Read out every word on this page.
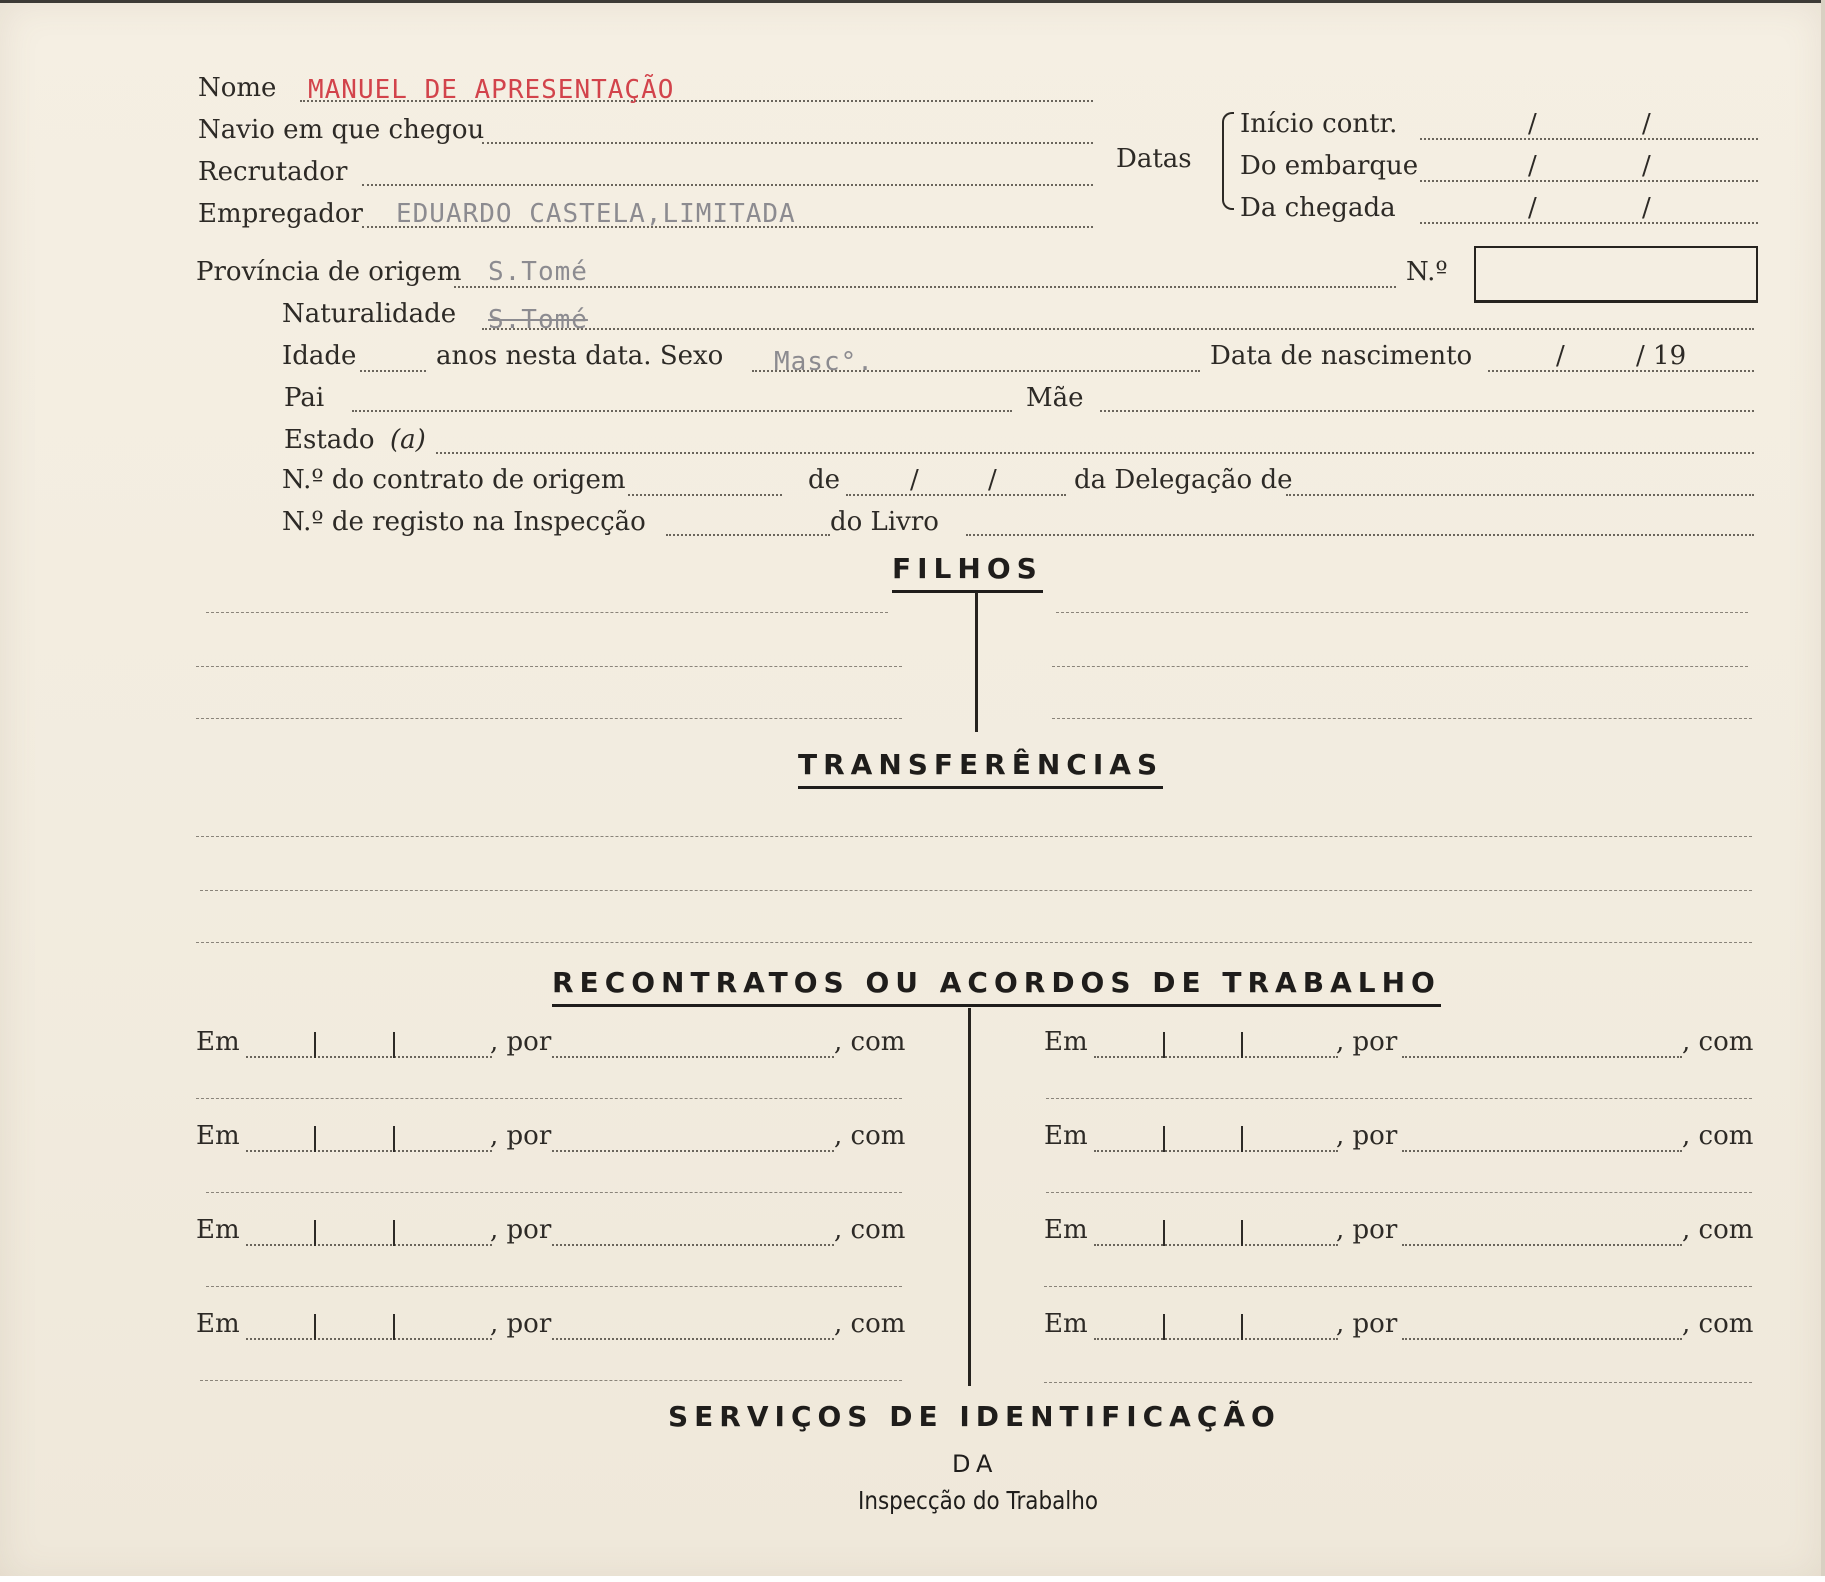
Nome MANUEL DE APRESENTAÇÃO
Navio em que chegou
Recrutador
Empregador EDUARDO CASTELA,LIMITADA
Datas
Início contr.	/	/
Do embarque	/	/
Da chegada	/	/
Província de origem S.Tomé	N.º
Naturalidade S.Tomé
Idade	anos nesta data. Sexo Masc°.	Data de nascimento	/	/ 19
Pai	Mãe
Estado (a)
N.º do contrato de origem	de	/	/	da Delegação de
N.º de registo na Inspecção	do Livro
FILHOS
TRANSFERÊNCIAS
RECONTRATOS OU ACORDOS DE TRABALHO
Em	, por	, com
Em	, por	, com
Em	, por	, com
Em	, por	, com
Em	, por	, com
Em	, por	, com
Em	, por	, com
Em	, por	, com
SERVIÇOS DE IDENTIFICAÇÃO
DA
Inspecção do Trabalho
